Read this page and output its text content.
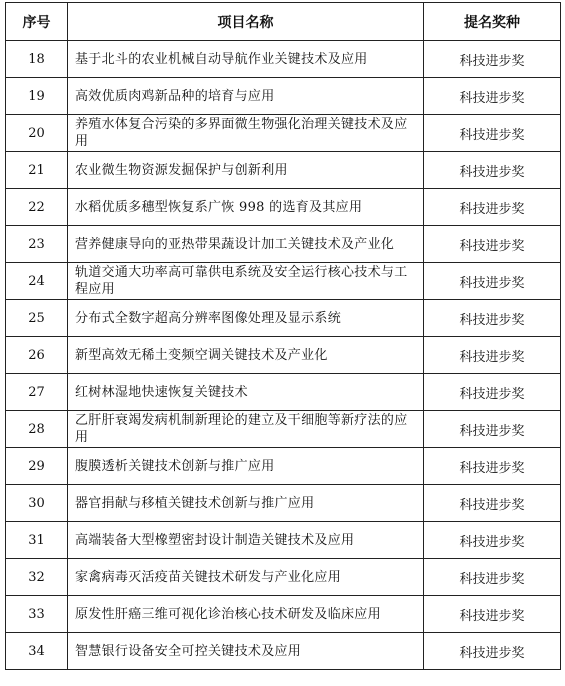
序号	项目名称	提名奖种
18	基于北斗的农业机械自动导航作业关键技术及应用	科技进步奖
19	高效优质肉鸡新品种的培育与应用	科技进步奖
20	养殖水体复合污染的多界面微生物强化治理关键技术及应用	科技进步奖
21	农业微生物资源发掘保护与创新利用	科技进步奖
22	水稻优质多穗型恢复系广恢 998 的选育及其应用	科技进步奖
23	营养健康导向的亚热带果蔬设计加工关键技术及产业化	科技进步奖
24	轨道交通大功率高可靠供电系统及安全运行核心技术与工程应用	科技进步奖
25	分布式全数字超高分辨率图像处理及显示系统	科技进步奖
26	新型高效无稀土变频空调关键技术及产业化	科技进步奖
27	红树林湿地快速恢复关键技术	科技进步奖
28	乙肝肝衰竭发病机制新理论的建立及干细胞等新疗法的应用	科技进步奖
29	腹膜透析关键技术创新与推广应用	科技进步奖
30	器官捐献与移植关键技术创新与推广应用	科技进步奖
31	高端装备大型橡塑密封设计制造关键技术及应用	科技进步奖
32	家禽病毒灭活疫苗关键技术研发与产业化应用	科技进步奖
33	原发性肝癌三维可视化诊治核心技术研发及临床应用	科技进步奖
34	智慧银行设备安全可控关键技术及应用	科技进步奖
